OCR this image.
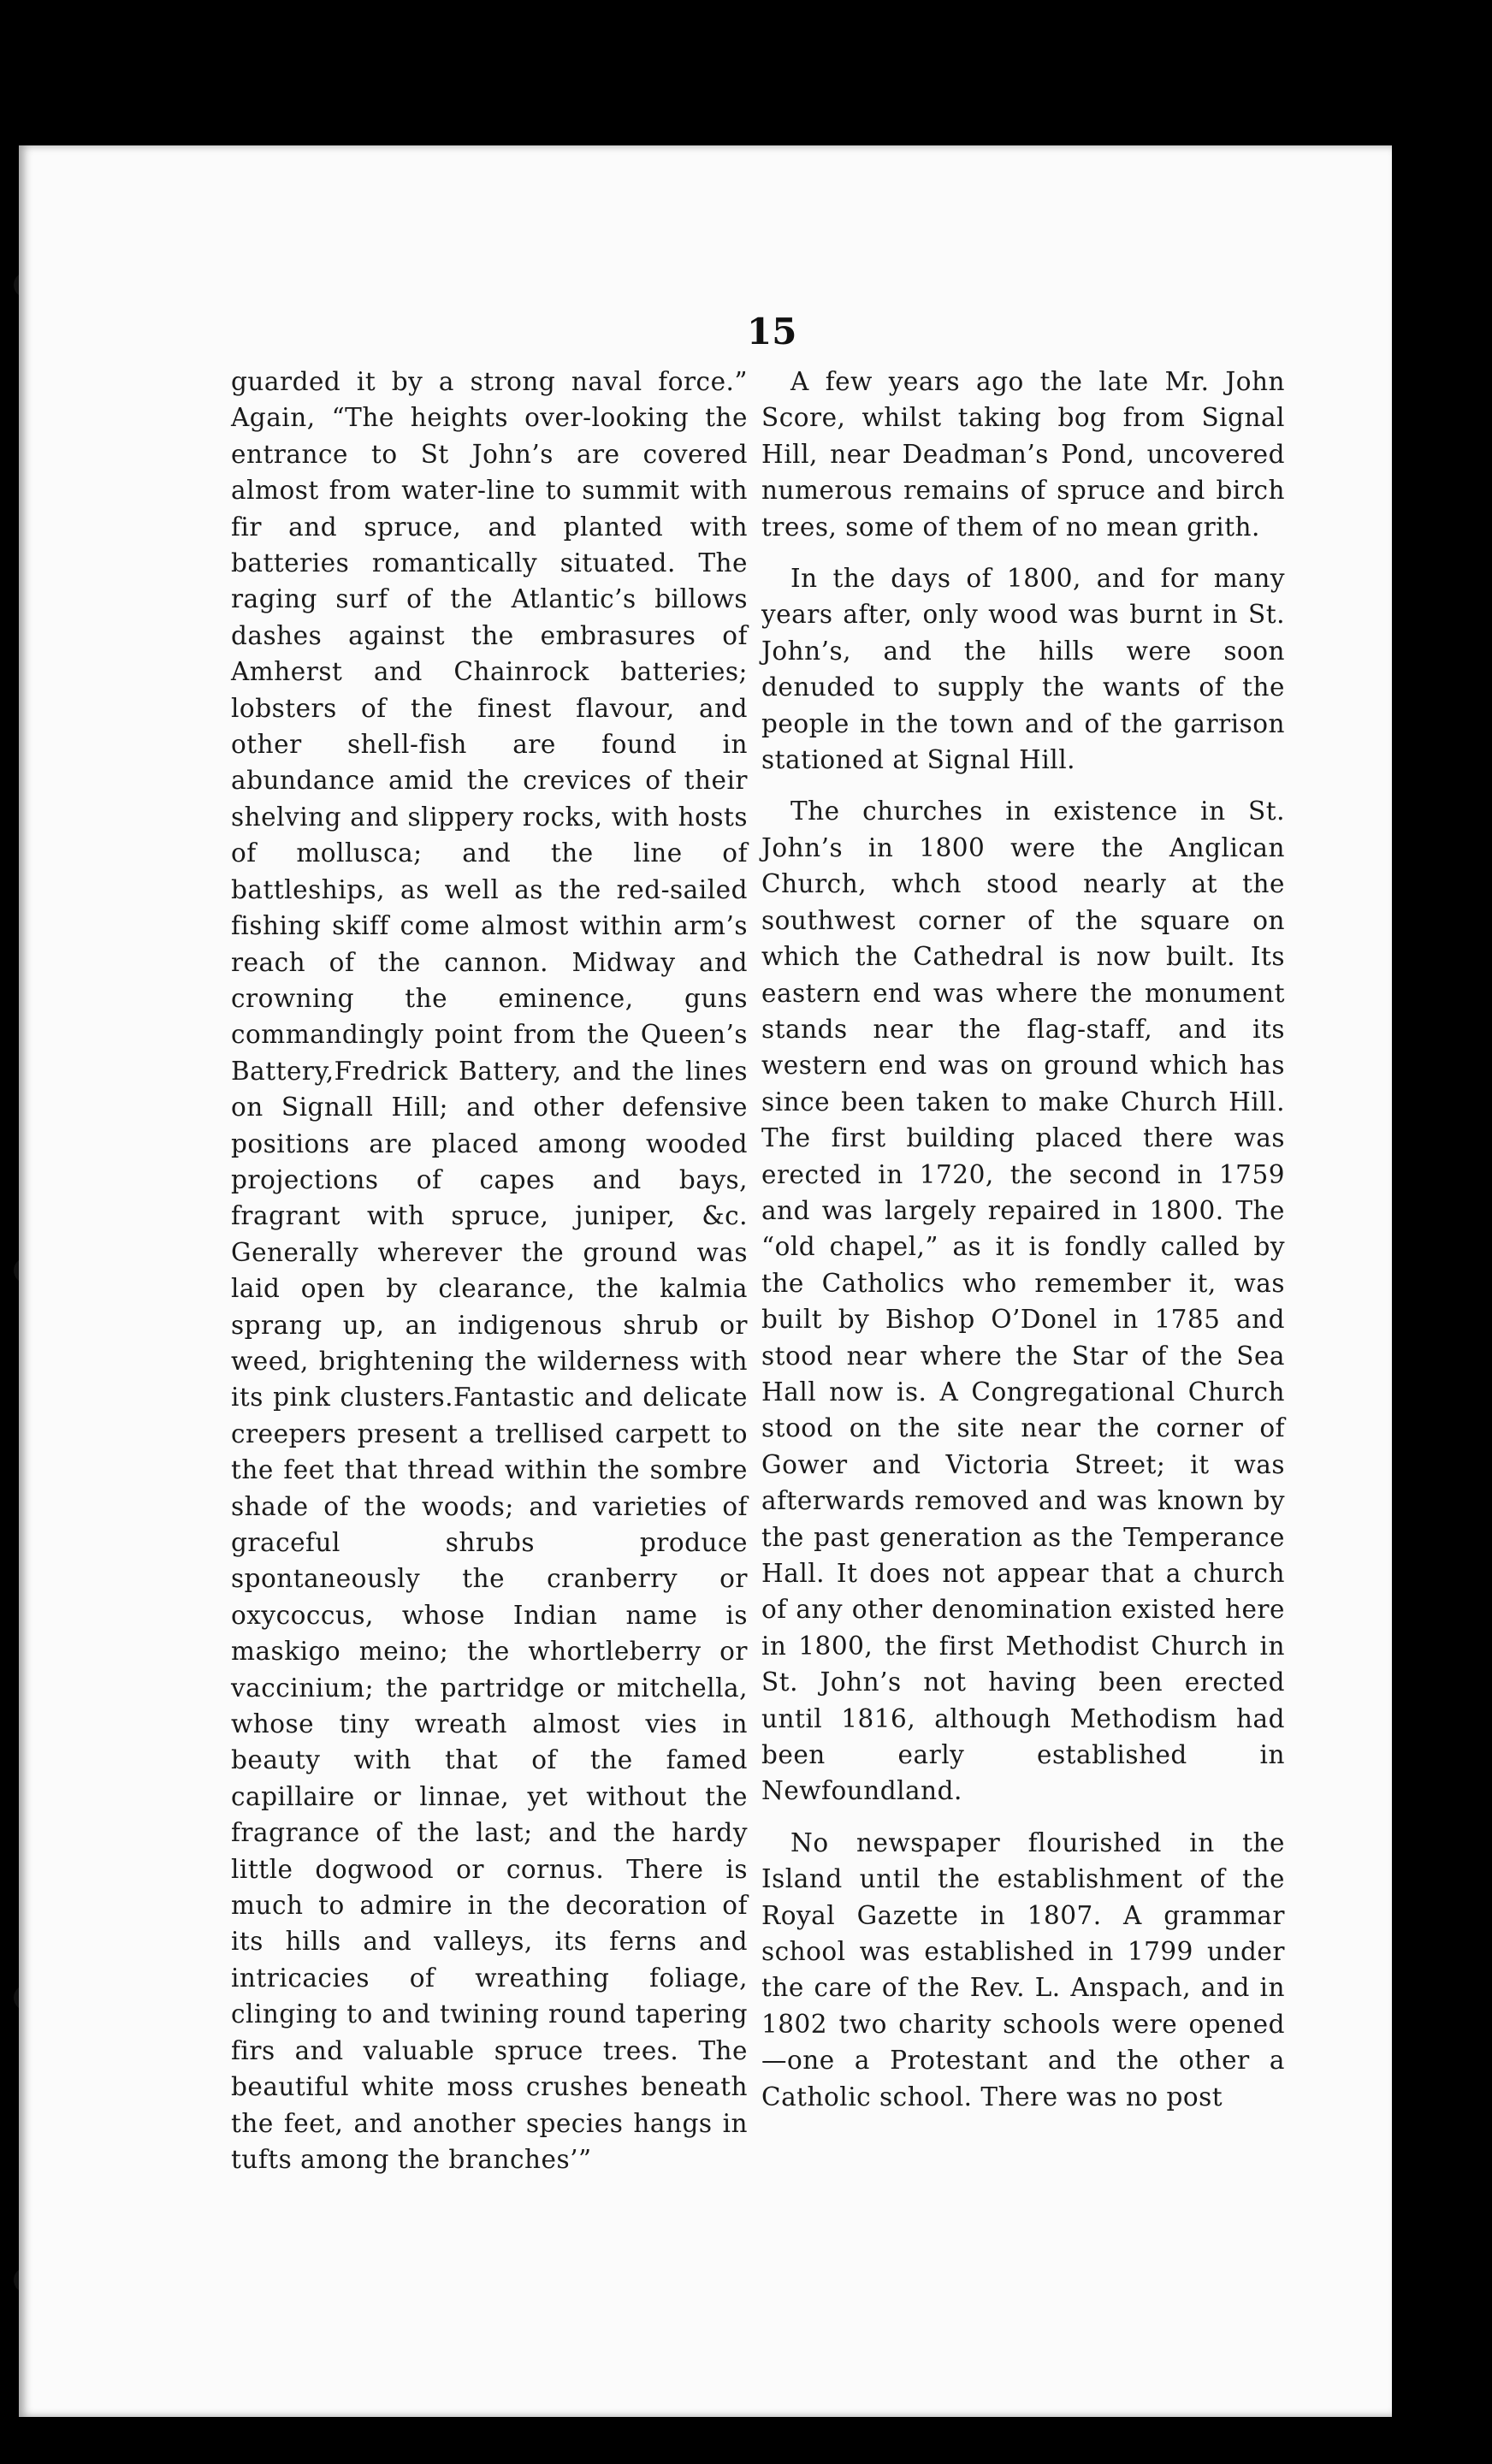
15

guarded it by a strong naval force.” Again, “The heights over-looking the entrance to St John’s are covered almost from water-line to summit with fir and spruce, and planted with batteries romantically situated. The raging surf of the Atlantic’s billows dashes against the embrasures of Amherst and Chainrock batteries; lobsters of the finest flavour, and other shell-fish are found in abundance amid the crevices of their shelving and slippery rocks, with hosts of mollusca; and the line of battleships, as well as the red-sailed fishing skiff come almost within arm’s reach of the cannon. Midway and crowning the eminence, guns commandingly point from the Queen’s Battery,Fredrick Battery, and the lines on Signall Hill; and other defensive positions are placed among wooded projections of capes and bays, fragrant with spruce, juniper, &c. Generally wherever the ground was laid open by clearance, the kalmia sprang up, an indigenous shrub or weed, brightening the wilderness with its pink clusters.Fantastic and delicate creepers present a trellised carpett to the feet that thread within the sombre shade of the woods; and varieties of graceful shrubs produce spontaneously the cranberry or oxycoccus, whose Indian name is maskigo meino; the whortleberry or vaccinium; the partridge or mitchella, whose tiny wreath almost vies in beauty with that of the famed capillaire or linnae, yet without the fragrance of the last; and the hardy little dogwood or cornus. There is much to admire in the decoration of its hills and valleys, its ferns and intricacies of wreathing foliage, clinging to and twining round tapering firs and valuable spruce trees. The beautiful white moss crushes beneath the feet, and another species hangs in tufts among the branches’”

A few years ago the late Mr. John Score, whilst taking bog from Signal Hill, near Deadman’s Pond, uncovered numerous remains of spruce and birch trees, some of them of no mean grith.

In the days of 1800, and for many years after, only wood was burnt in St. John’s, and the hills were soon denuded to supply the wants of the people in the town and of the garrison stationed at Signal Hill.

The churches in existence in St. John’s in 1800 were the Anglican Church, whch stood nearly at the southwest corner of the square on which the Cathedral is now built. Its eastern end was where the monument stands near the flag-staff, and its western end was on ground which has since been taken to make Church Hill. The first building placed there was erected in 1720, the second in 1759 and was largely repaired in 1800. The “old chapel,” as it is fondly called by the Catholics who remember it, was built by Bishop O’Donel in 1785 and stood near where the Star of the Sea Hall now is. A Congregational Church stood on the site near the corner of Gower and Victoria Street; it was afterwards removed and was known by the past generation as the Temperance Hall. It does not appear that a church of any other denomination existed here in 1800, the first Methodist Church in St. John’s not having been erected until 1816, although Methodism had been early established in Newfoundland.

No newspaper flourished in the Island until the establishment of the Royal Gazette in 1807. A grammar school was established in 1799 under the care of the Rev. L. Anspach, and in 1802 two charity schools were opened—one a Protestant and the other a Catholic school. There was no post
